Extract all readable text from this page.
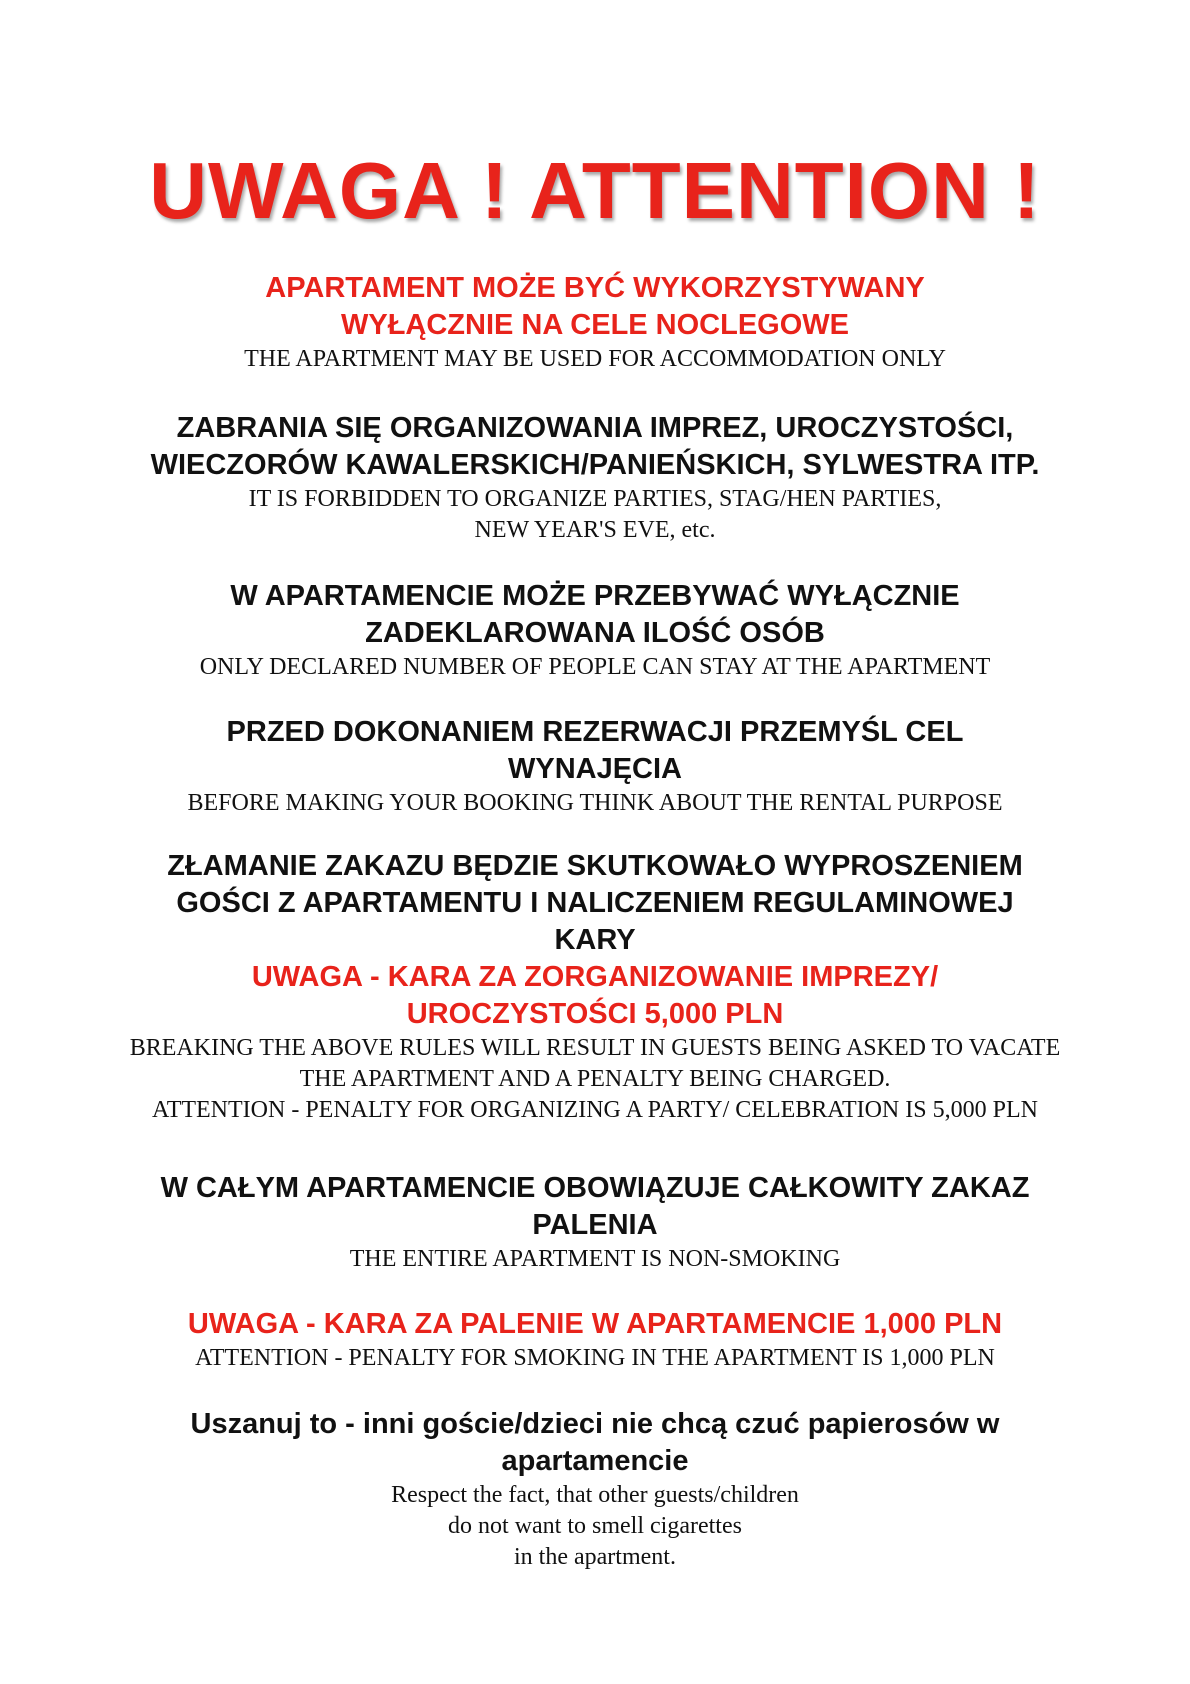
UWAGA ! ATTENTION !

APARTAMENT MOŻE BYĆ WYKORZYSTYWANY

WYŁĄCZNIE NA CELE NOCLEGOWE

THE APARTMENT MAY BE USED FOR ACCOMMODATION ONLY

ZABRANIA SIĘ ORGANIZOWANIA IMPREZ, UROCZYSTOŚCI,

WIECZORÓW KAWALERSKICH/PANIEŃSKICH, SYLWESTRA ITP.

IT IS FORBIDDEN TO ORGANIZE PARTIES, STAG/HEN PARTIES,

NEW YEAR'S EVE, etc.

W APARTAMENCIE MOŻE PRZEBYWAĆ WYŁĄCZNIE

ZADEKLAROWANA ILOŚĆ OSÓB

ONLY DECLARED NUMBER OF PEOPLE CAN STAY AT THE APARTMENT

PRZED DOKONANIEM REZERWACJI PRZEMYŚL CEL

WYNAJĘCIA

BEFORE MAKING YOUR BOOKING THINK ABOUT THE RENTAL PURPOSE

ZŁAMANIE ZAKAZU BĘDZIE SKUTKOWAŁO WYPROSZENIEM

GOŚCI Z APARTAMENTU I NALICZENIEM REGULAMINOWEJ

KARY

UWAGA - KARA ZA ZORGANIZOWANIE IMPREZY/

UROCZYSTOŚCI 5,000 PLN

BREAKING THE ABOVE RULES WILL RESULT IN GUESTS BEING ASKED TO VACATE

THE APARTMENT AND A PENALTY BEING CHARGED.

ATTENTION - PENALTY FOR ORGANIZING A PARTY/ CELEBRATION IS 5,000 PLN

W CAŁYM APARTAMENCIE OBOWIĄZUJE CAŁKOWITY ZAKAZ

PALENIA

THE ENTIRE APARTMENT IS NON-SMOKING

UWAGA - KARA ZA PALENIE W APARTAMENCIE 1,000 PLN

ATTENTION - PENALTY FOR SMOKING IN THE APARTMENT IS 1,000 PLN

Uszanuj to - inni goście/dzieci nie chcą czuć papierosów w

apartamencie

Respect the fact, that other guests/children

do not want to smell cigarettes

in the apartment.
